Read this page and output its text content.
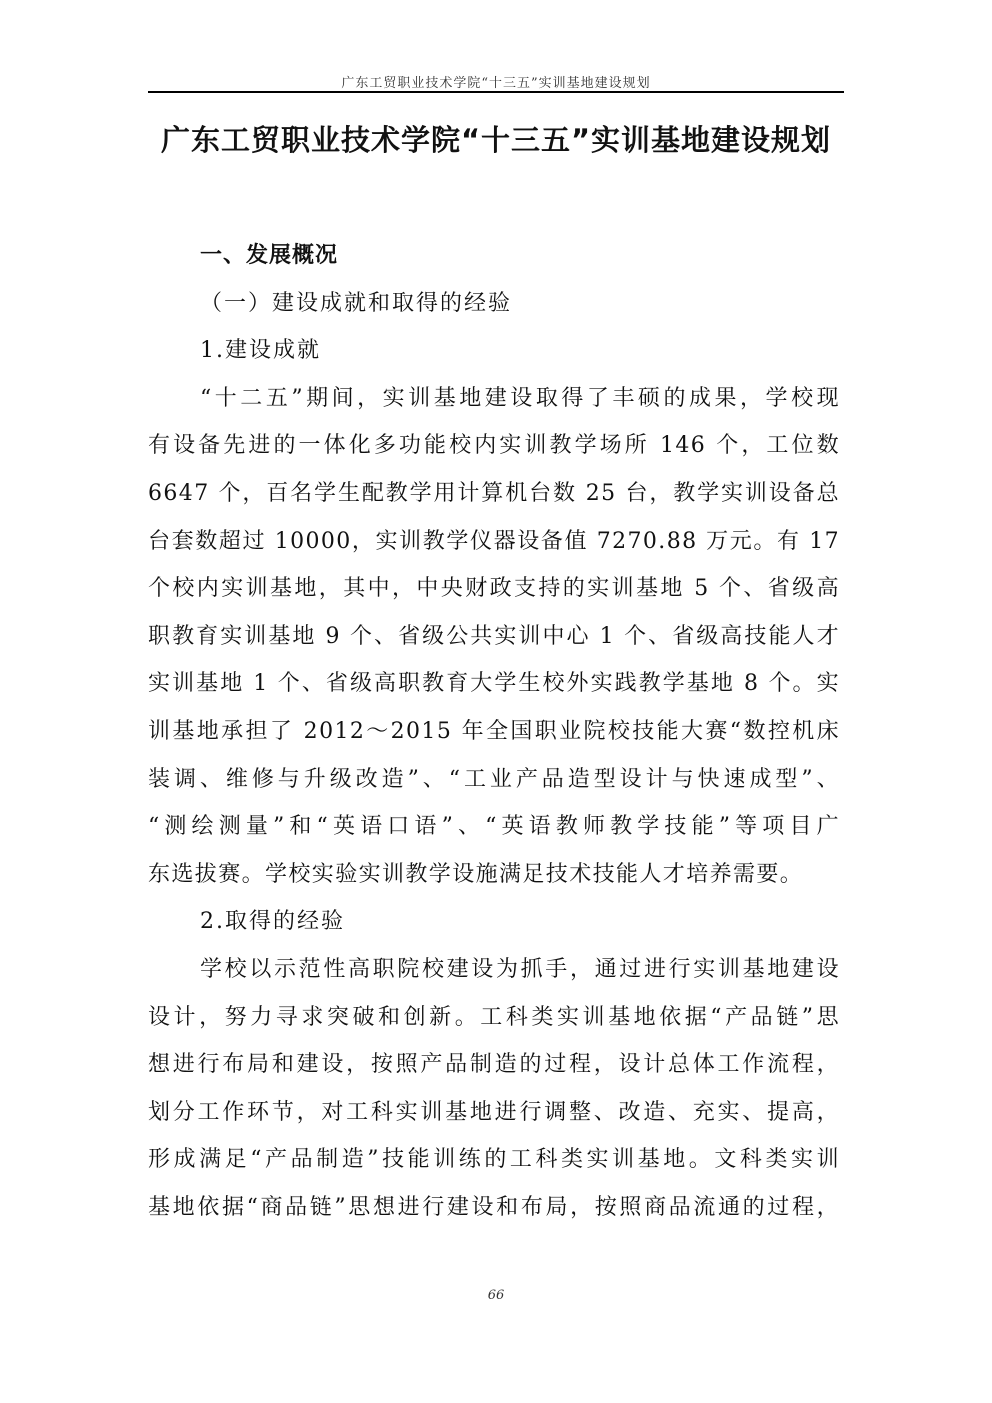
广东工贸职业技术学院“十三五”实训基地建设规划
广东工贸职业技术学院“十三五”实训基地建设规划
一、发展概况
（一）建设成就和取得的经验
1.建设成就
“十二五”期间，实训基地建设取得了丰硕的成果，学校现
有设备先进的一体化多功能校内实训教学场所 146 个，工位数
6647 个，百名学生配教学用计算机台数 25 台，教学实训设备总
台套数超过 10000，实训教学仪器设备值 7270.88 万元。有 17
个校内实训基地，其中，中央财政支持的实训基地 5 个、省级高
职教育实训基地 9 个、省级公共实训中心 1 个、省级高技能人才
实训基地 1 个、省级高职教育大学生校外实践教学基地 8 个。实
训基地承担了 2012～2015 年全国职业院校技能大赛“数控机床
装调、维修与升级改造”、“工业产品造型设计与快速成型”、
“测绘测量”和“英语口语”、“英语教师教学技能”等项目广
东选拔赛。学校实验实训教学设施满足技术技能人才培养需要。
2.取得的经验
学校以示范性高职院校建设为抓手，通过进行实训基地建设
设计，努力寻求突破和创新。工科类实训基地依据“产品链”思
想进行布局和建设，按照产品制造的过程，设计总体工作流程，
划分工作环节，对工科实训基地进行调整、改造、充实、提高，
形成满足“产品制造”技能训练的工科类实训基地。文科类实训
基地依据“商品链”思想进行建设和布局，按照商品流通的过程，
66
